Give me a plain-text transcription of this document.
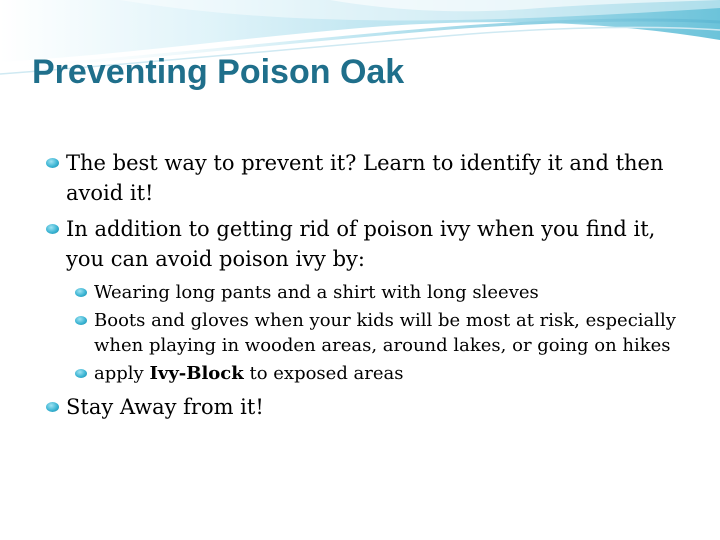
Preventing Poison Oak
The best way to prevent it? Learn to identify it and then avoid it!
In addition to getting rid of poison ivy when you find it, you can avoid poison ivy by:
Wearing long pants and a shirt with long sleeves
Boots and gloves when your kids will be most at risk, especially when playing in wooden areas, around lakes, or going on hikes
apply Ivy-Block to exposed areas
Stay Away from it!
